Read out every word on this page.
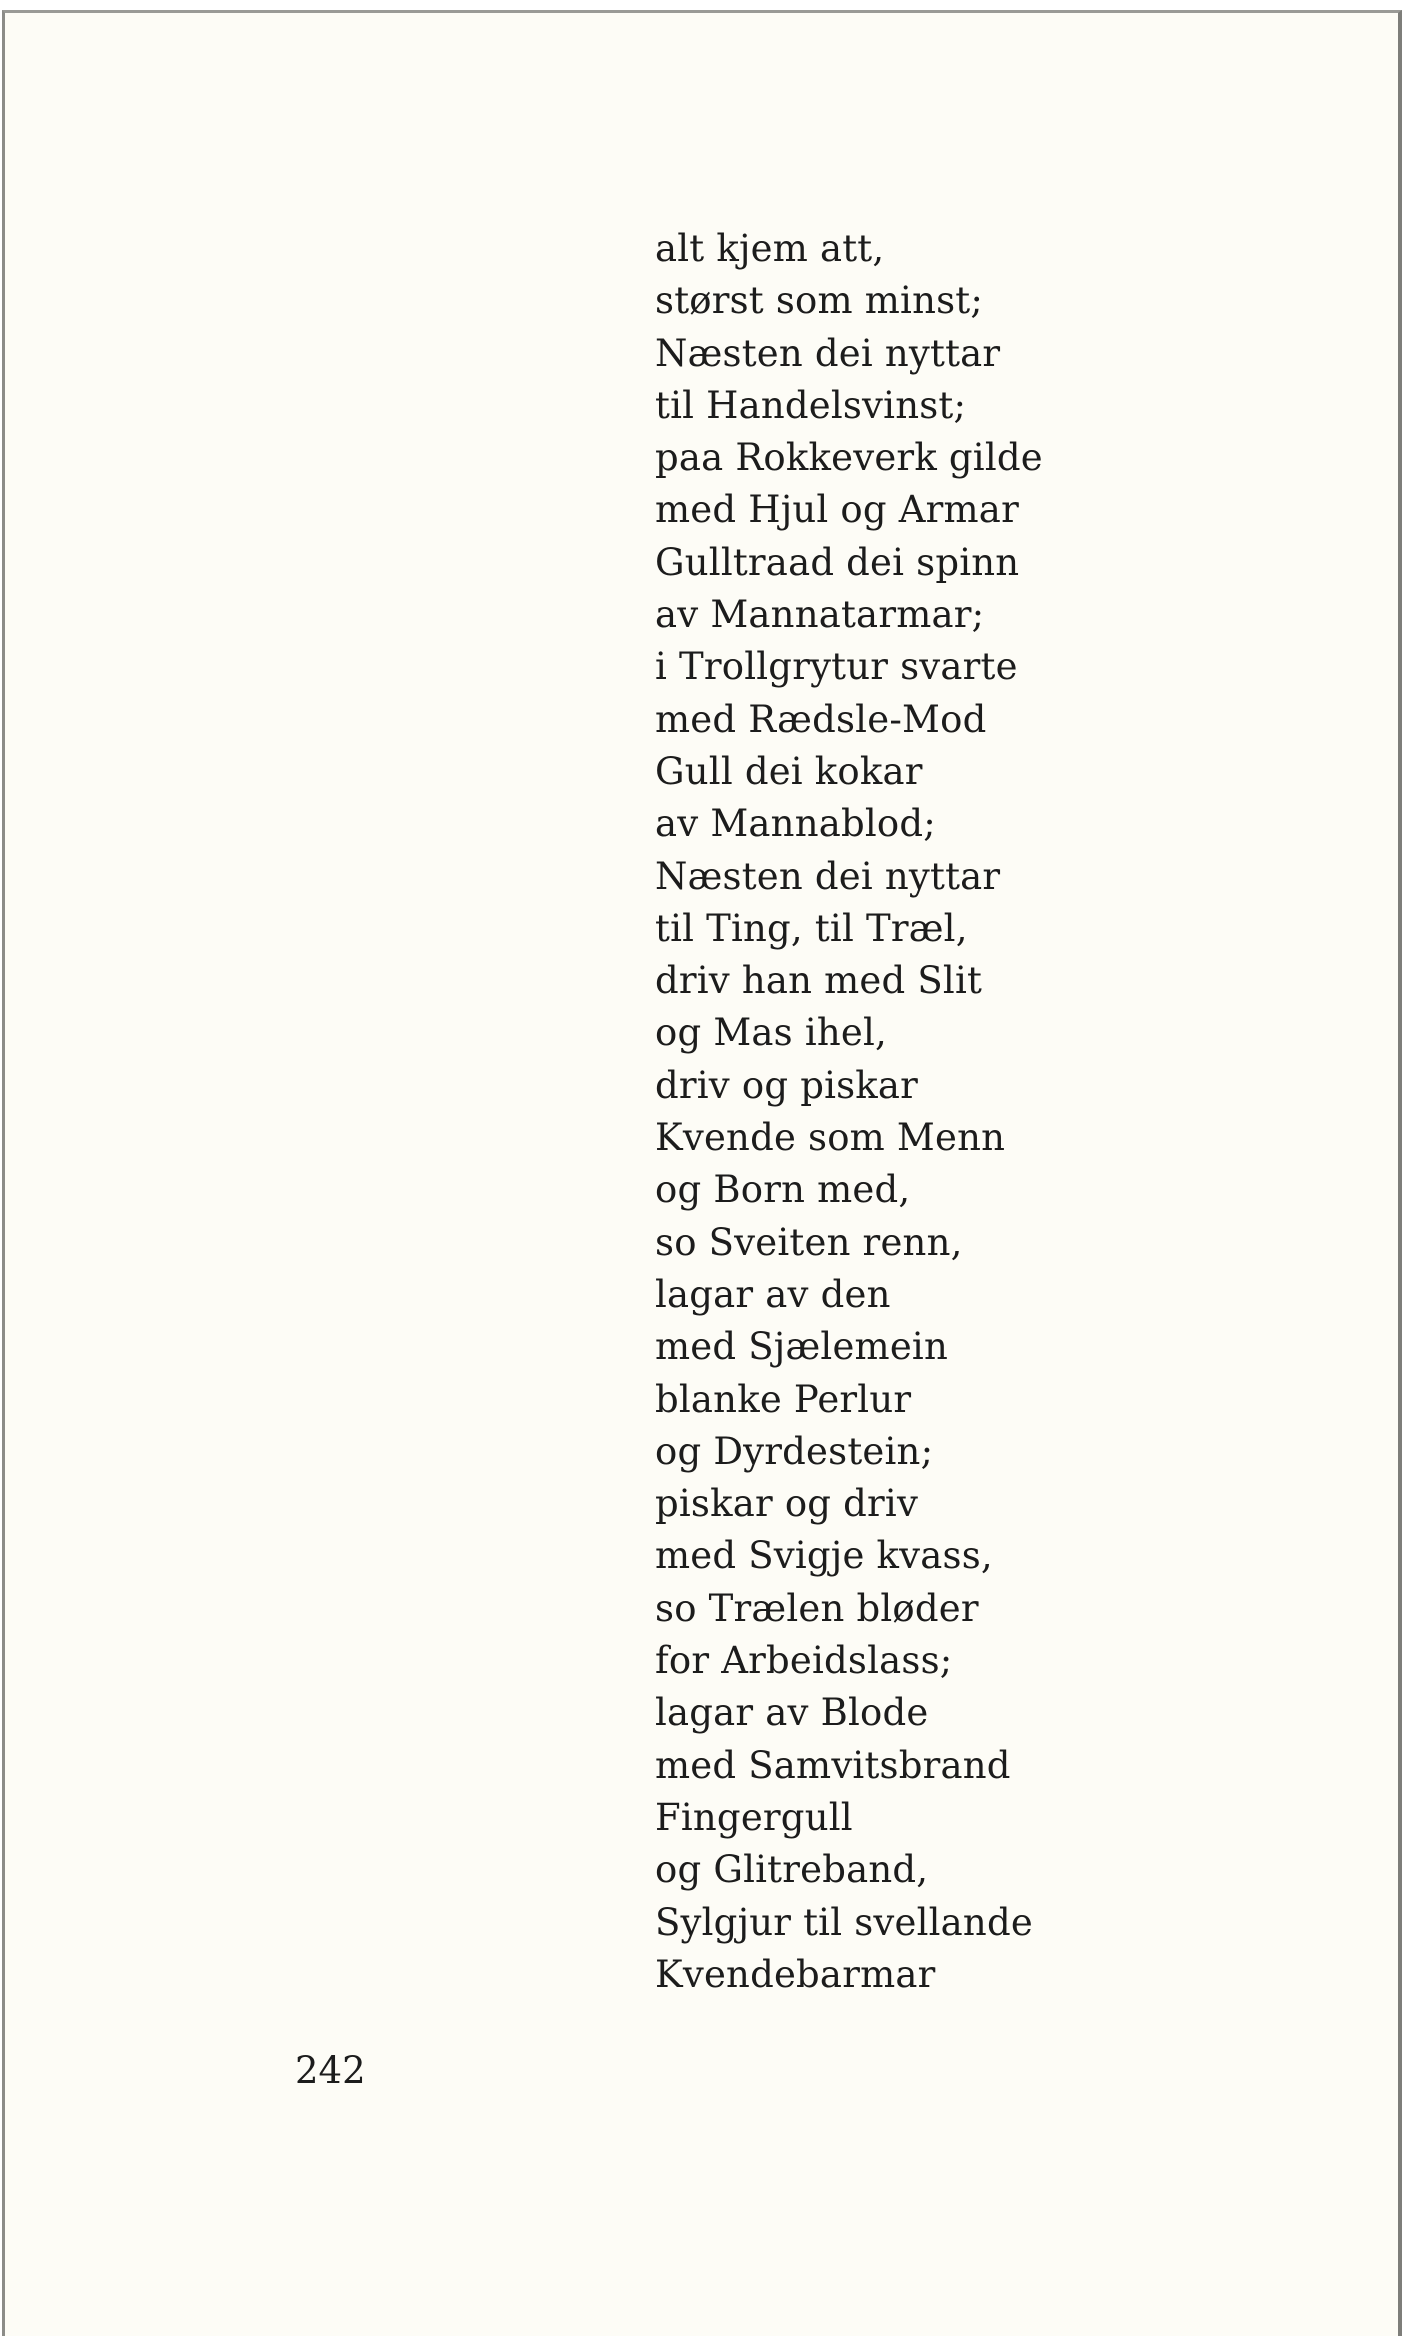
alt kjem att,
størst som minst;
Næsten dei nyttar
til Handelsvinst;
paa Rokkeverk gilde
med Hjul og Armar
Gulltraad dei spinn
av Mannatarmar;
i Trollgrytur svarte
med Rædsle-Mod
Gull dei kokar
av Mannablod;
Næsten dei nyttar
til Ting, til Træl,
driv han med Slit
og Mas ihel,
driv og piskar
Kvende som Menn
og Born med,
so Sveiten renn,
lagar av den
med Sjælemein
blanke Perlur
og Dyrdestein;
piskar og driv
med Svigje kvass,
so Trælen bløder
for Arbeidslass;
lagar av Blode
med Samvitsbrand
Fingergull
og Glitreband,
Sylgjur til svellande
Kvendebarmar
242
